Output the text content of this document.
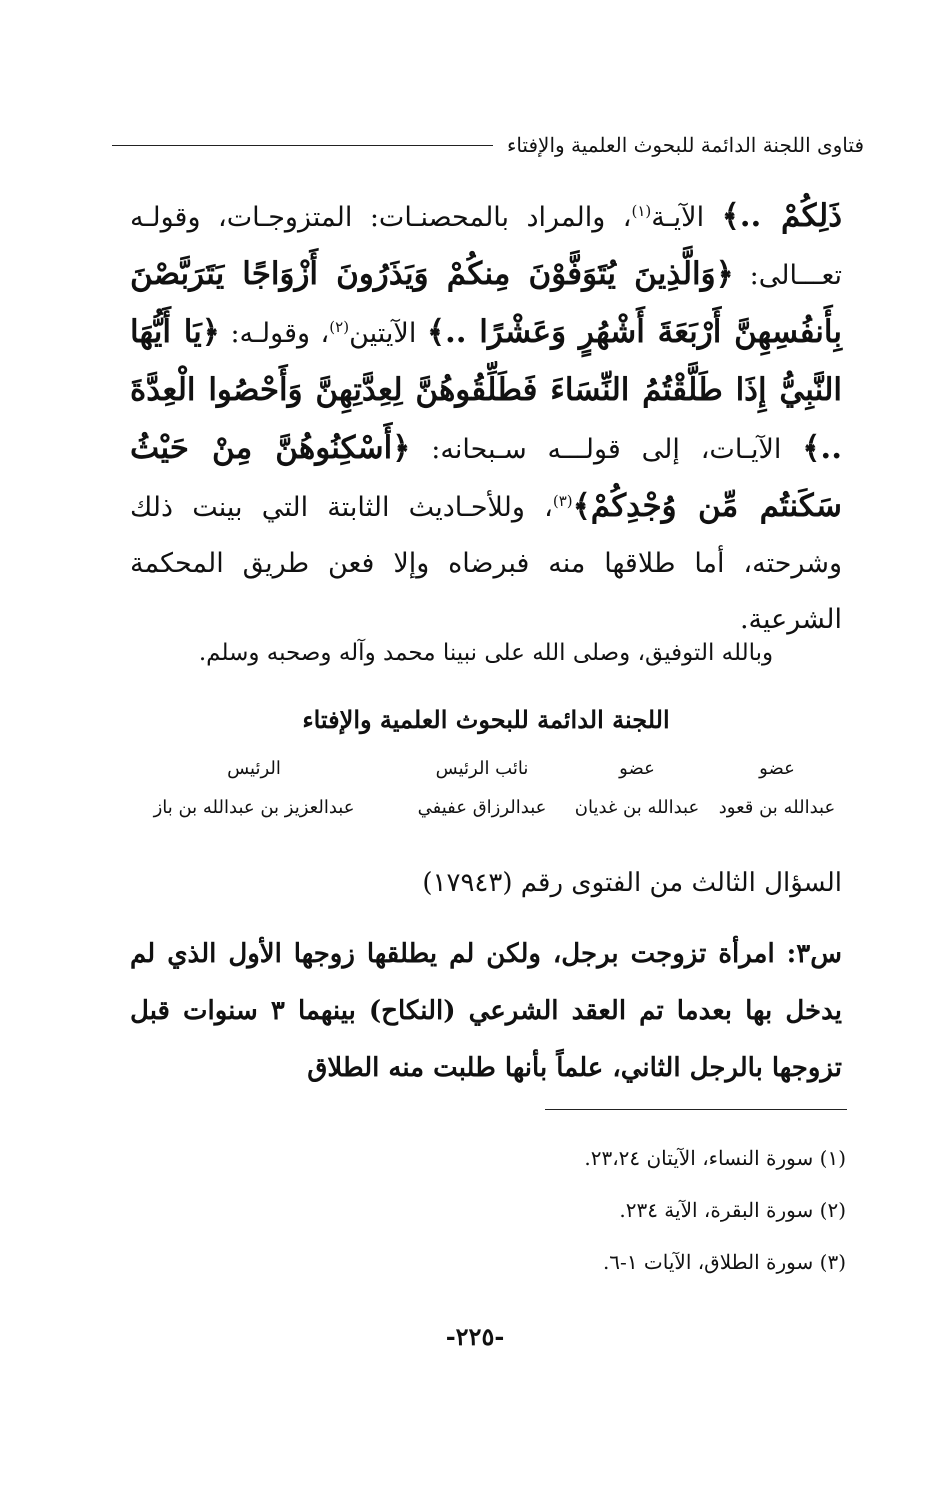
فتاوى اللجنة الدائمة للبحوث العلمية والإفتاء

ذَلِكُمْ ..﴾ الآيـة$^{(١)}$، والمراد بالمحصنـات: المتزوجـات، وقولـه تعـــالى: ﴿وَالَّذِينَ يُتَوَفَّوْنَ مِنكُمْ وَيَذَرُونَ أَزْوَاجًا يَتَرَبَّصْنَ بِأَنفُسِهِنَّ أَرْبَعَةَ أَشْهُرٍ وَعَشْرًا ..﴾ الآيتين$^{(٢)}$، وقولـه: ﴿يَا أَيُّهَا النَّبِيُّ إِذَا طَلَّقْتُمُ النِّسَاءَ فَطَلِّقُوهُنَّ لِعِدَّتِهِنَّ وَأَحْصُوا الْعِدَّةَ ..﴾ الآيـات، إلى قولـــه سـبحانه: ﴿أَسْكِنُوهُنَّ مِنْ حَيْثُ سَكَنتُم مِّن وُجْدِكُمْ﴾$^{(٣)}$، وللأحـاديث الثابتة التي بينت ذلك وشرحته، أما طلاقها منه فبرضاه وإلا فعن طريق المحكمة الشرعية.

وبالله التوفيق، وصلى الله على نبينا محمد وآله وصحبه وسلم.
اللجنة الدائمة للبحوث العلمية والإفتاء
عضو
عضو
نائب الرئيس
الرئيس
عبدالله بن قعود
عبدالله بن غديان
عبدالرزاق عفيفي
عبدالعزيز بن عبدالله بن باز
السؤال الثالث من الفتوى رقم (١٧٩٤٣)
س٣: امرأة تزوجت برجل، ولكن لم يطلقها زوجها الأول الذي لم يدخل بها بعدما تم العقد الشرعي (النكاح) بينهما ٣ سنوات قبل تزوجها بالرجل الثاني، علماً بأنها طلبت منه الطلاق
(١) سورة النساء، الآيتان ٢٣،٢٤.
(٢) سورة البقرة، الآية ٢٣٤.
(٣) سورة الطلاق، الآيات ١-٦.
-٢٢٥-
